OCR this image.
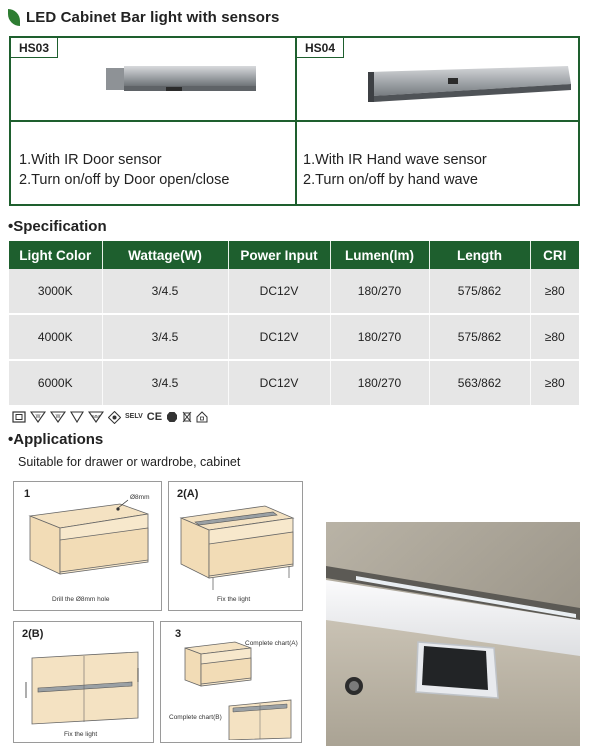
LED Cabinet Bar light with sensors
HS03	HS04
1.With IR Door sensor
2.Turn on/off by Door open/close
1.With IR Hand wave sensor
2.Turn on/off by hand wave
•Specification
Light Color	Wattage(W)	Power Input	Lumen(lm)	Length	CRI
3000K	3/4.5	DC12V	180/270	575/862	≥80
4000K	3/4.5	DC12V	180/270	575/862	≥80
6000K	3/4.5	DC12V	180/270	563/862	≥80
W	W	MM	SELV CE
•Applications
Suitable for drawer or wardrobe, cabinet
1	Ø8mm
Drill the Ø8mm hole
2(A)
Fix the light
2(B)
Fix the light
3
Complete chart(A)
Complete chart(B)
